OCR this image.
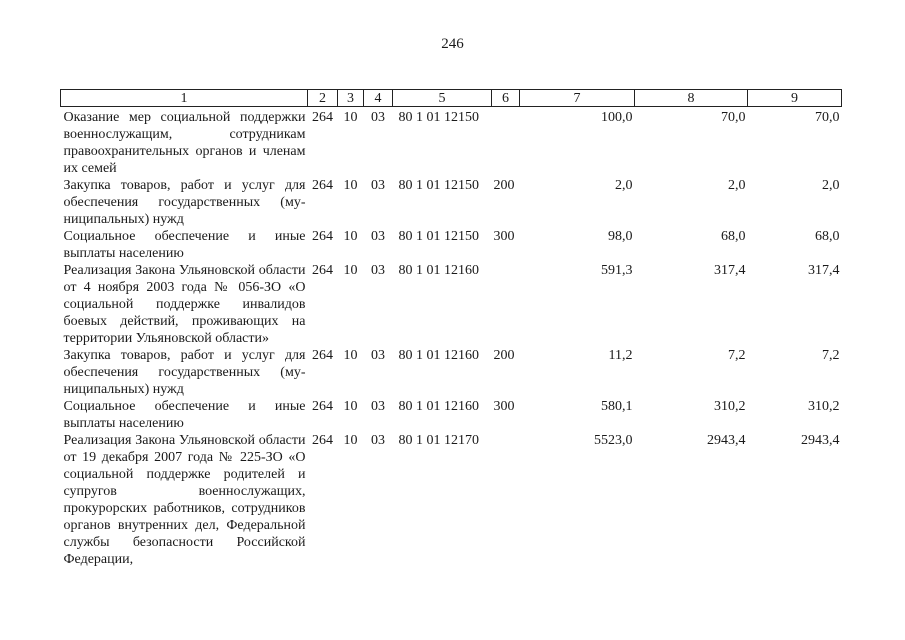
246
1	2	3	4	5	6	7	8	9
Оказание мер социальной поддержки военнослужащим, сотрудникам правоохранительных органов и членам их семей	264	10	03	80 1 01 12150		100,0	70,0	70,0
Закупка товаров, работ и услуг для обеспечения государственных (муниципальных) нужд	264	10	03	80 1 01 12150	200	2,0	2,0	2,0
Социальное обеспечение и иные выплаты населению	264	10	03	80 1 01 12150	300	98,0	68,0	68,0
Реализация Закона Ульяновской области от 4 ноября 2003 года № 056-ЗО «О социальной поддержке инвалидов боевых действий, проживающих на территории Ульяновской области»	264	10	03	80 1 01 12160		591,3	317,4	317,4
Закупка товаров, работ и услуг для обеспечения государственных (муниципальных) нужд	264	10	03	80 1 01 12160	200	11,2	7,2	7,2
Социальное обеспечение и иные выплаты населению	264	10	03	80 1 01 12160	300	580,1	310,2	310,2
Реализация Закона Ульяновской области от 19 декабря 2007 года № 225-ЗО «О социальной поддержке родителей и супругов военнослужащих, прокурорских работников, сотрудников органов внутренних дел, Федеральной службы безопасности Российской Федерации,	264	10	03	80 1 01 12170		5523,0	2943,4	2943,4
